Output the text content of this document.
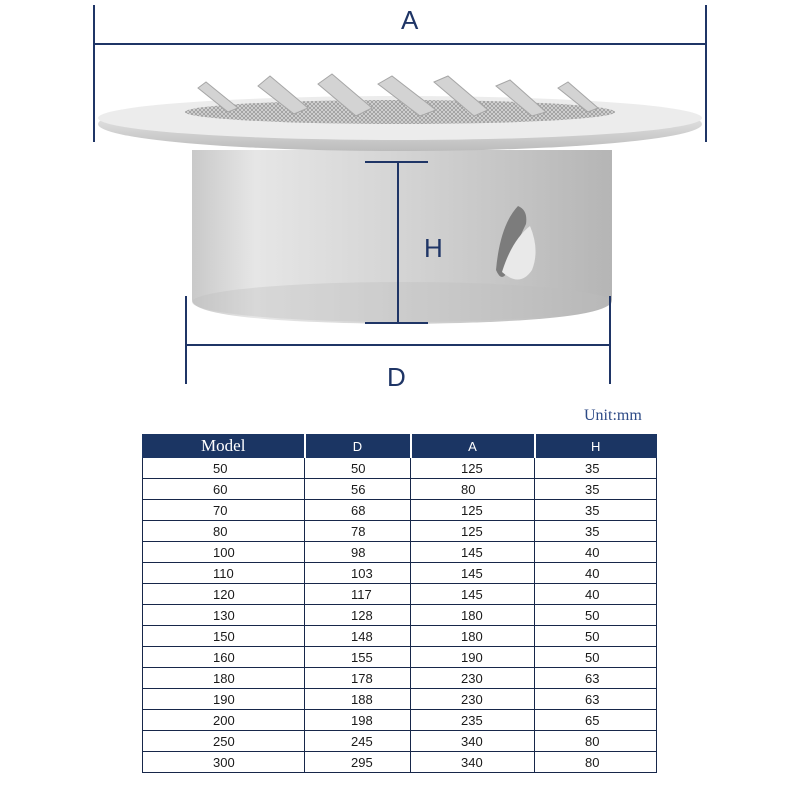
A
H
D
Unit:mm
Model	D	A	H
50	50	125	35
60	56	80	35
70	68	125	35
80	78	125	35
100	98	145	40
110	103	145	40
120	117	145	40
130	128	180	50
150	148	180	50
160	155	190	50
180	178	230	63
190	188	230	63
200	198	235	65
250	245	340	80
300	295	340	80
